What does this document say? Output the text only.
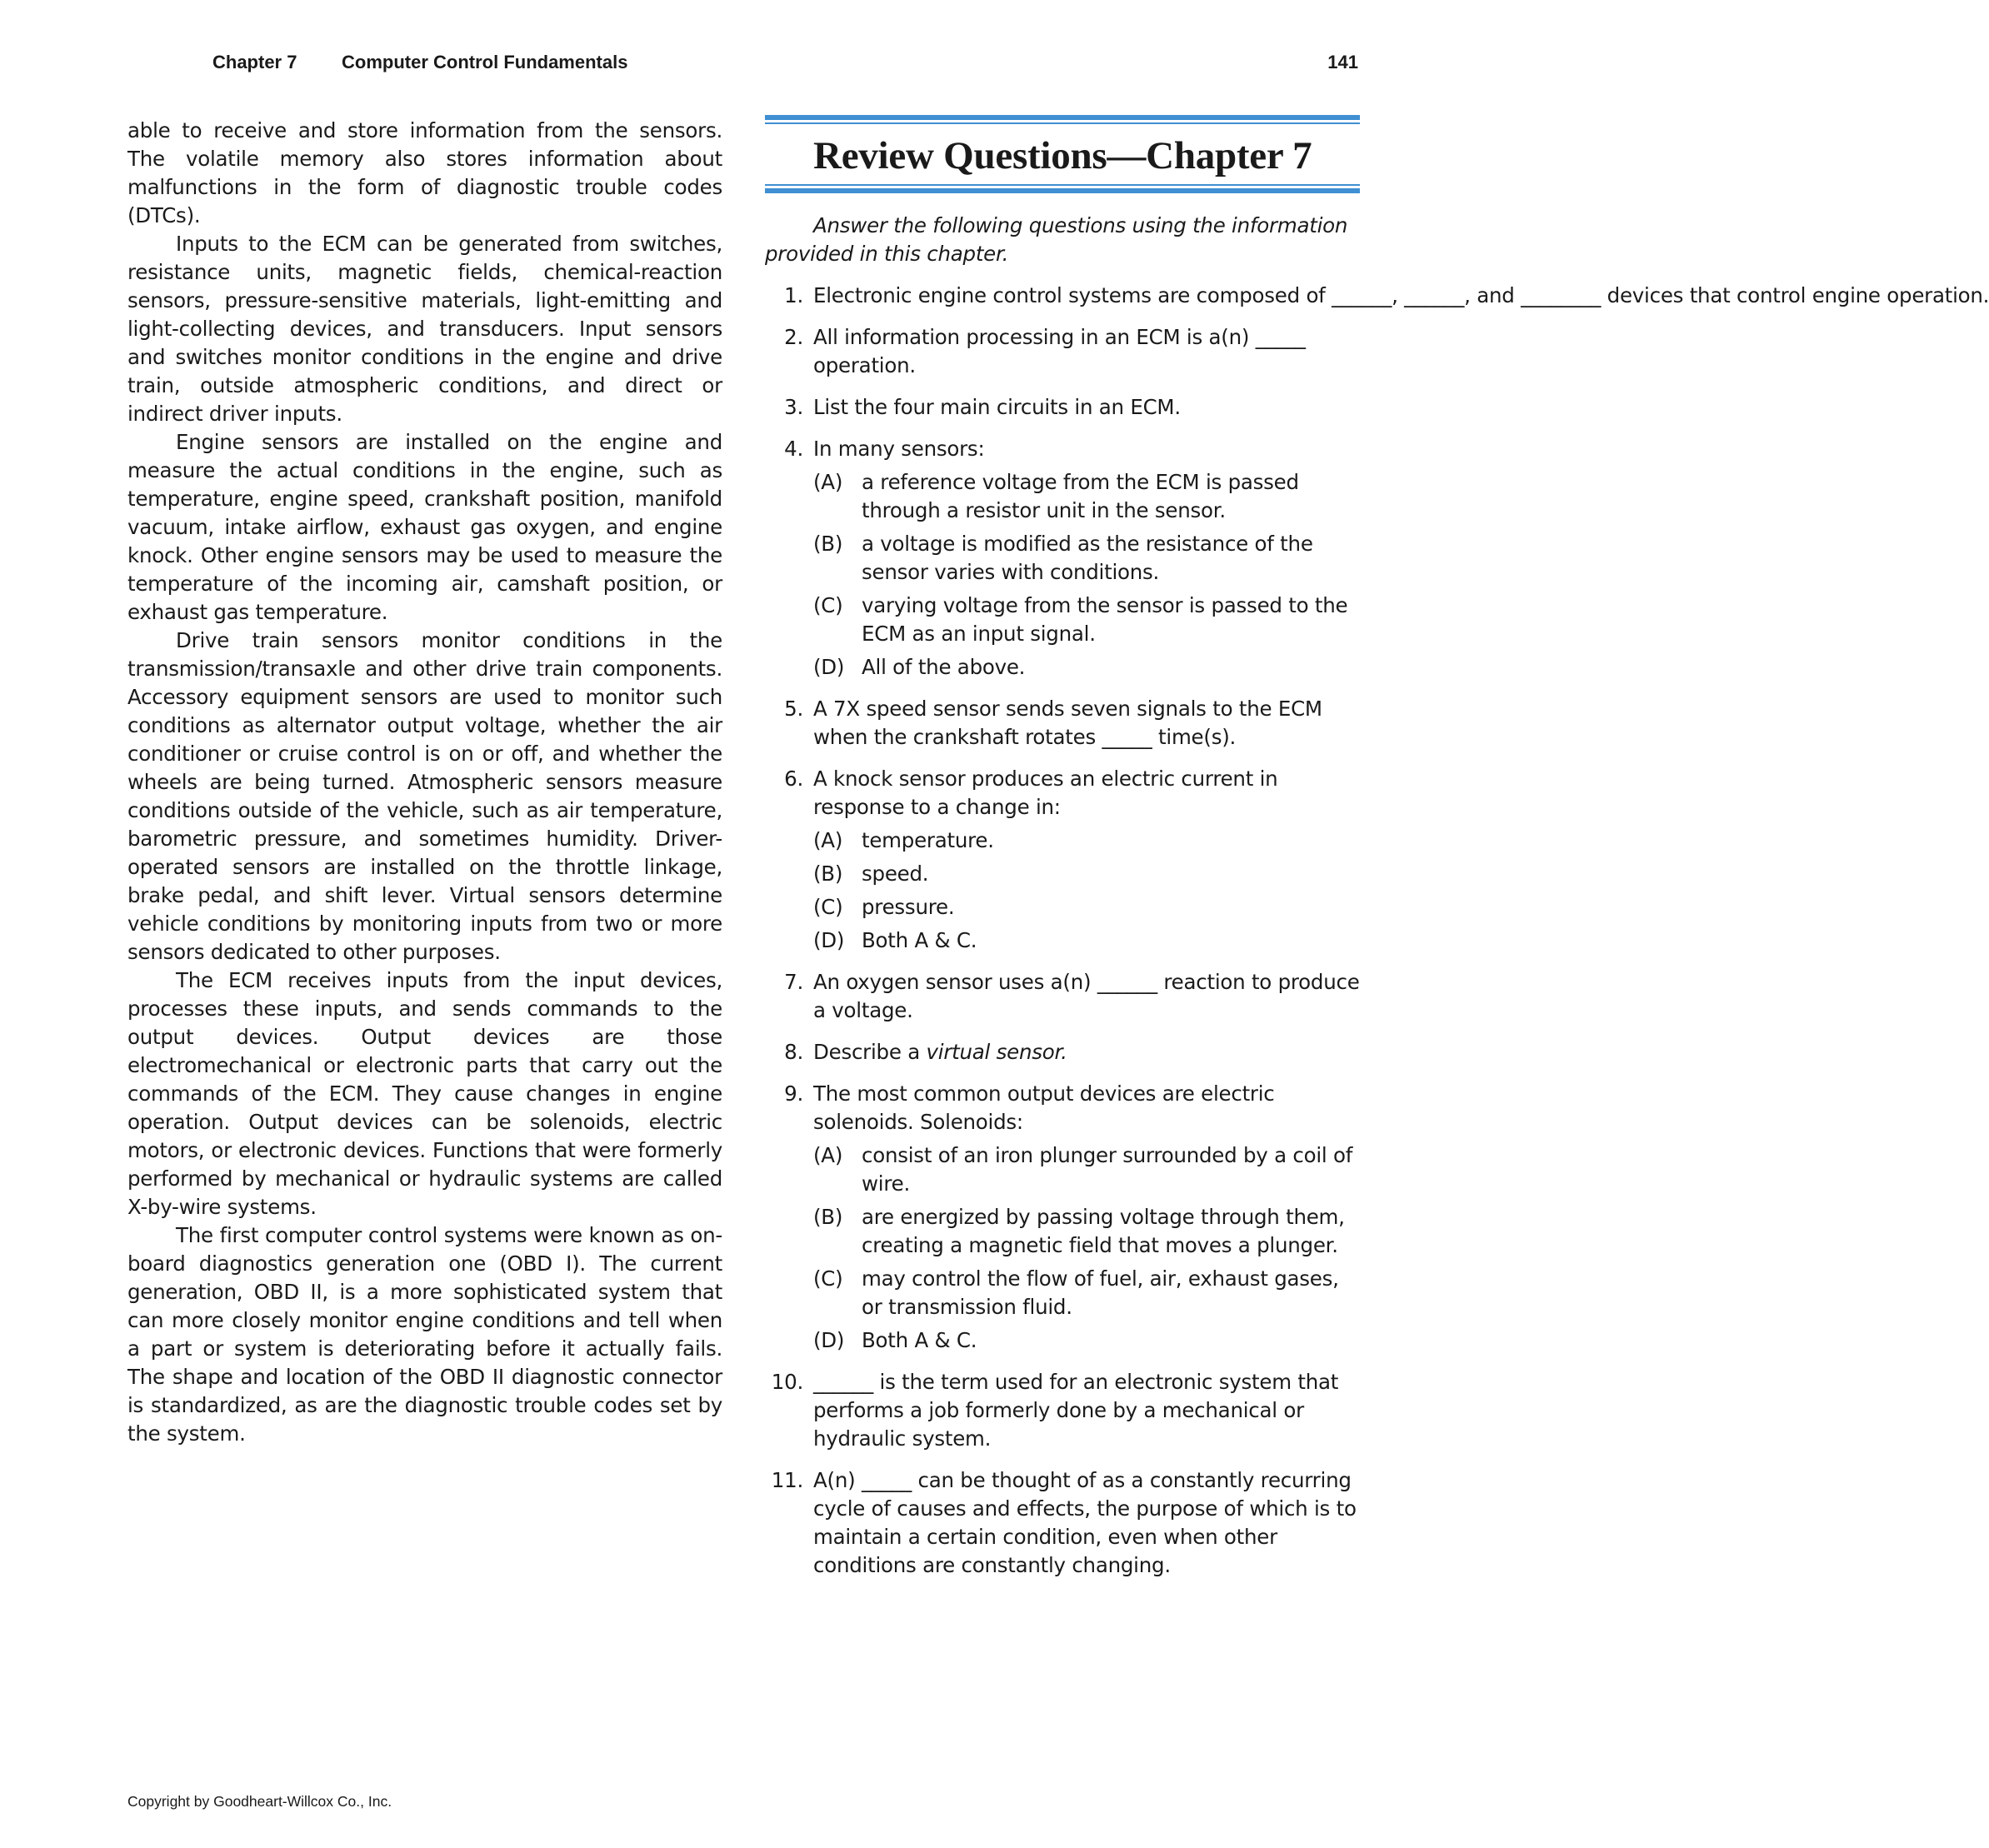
Chapter 7 Computer Control Fundamentals	141

able to receive and store information from the sensors. The volatile memory also stores information about malfunctions in the form of diagnostic trouble codes (DTCs).

Inputs to the ECM can be generated from switches, resistance units, magnetic fields, chemical-reaction sensors, pressure-sensitive materials, light-emitting and light-collecting devices, and transducers. Input sensors and switches monitor conditions in the engine and drive train, outside atmospheric conditions, and direct or indirect driver inputs.

Engine sensors are installed on the engine and measure the actual conditions in the engine, such as temperature, engine speed, crankshaft position, manifold vacuum, intake airflow, exhaust gas oxygen, and engine knock. Other engine sensors may be used to measure the temperature of the incoming air, camshaft position, or exhaust gas temperature.

Drive train sensors monitor conditions in the transmission/transaxle and other drive train components. Accessory equipment sensors are used to monitor such conditions as alternator output voltage, whether the air conditioner or cruise control is on or off, and whether the wheels are being turned. Atmospheric sensors measure conditions outside of the vehicle, such as air temperature, barometric pressure, and sometimes humidity. Driver-operated sensors are installed on the throttle linkage, brake pedal, and shift lever. Virtual sensors determine vehicle conditions by monitoring inputs from two or more sensors dedicated to other purposes.

The ECM receives inputs from the input devices, processes these inputs, and sends commands to the output devices. Output devices are those electromechanical or electronic parts that carry out the commands of the ECM. They cause changes in engine operation. Output devices can be solenoids, electric motors, or electronic devices. Functions that were formerly performed by mechanical or hydraulic systems are called X-by-wire systems.

The first computer control systems were known as on-board diagnostics generation one (OBD I). The current generation, OBD II, is a more sophisticated system that can more closely monitor engine conditions and tell when a part or system is deteriorating before it actually fails. The shape and location of the OBD II diagnostic connector is standardized, as are the diagnostic trouble codes set by the system.

Review Questions—Chapter 7
Answer the following questions using the information provided in this chapter.
1. Electronic engine control systems are composed of ______, ______, and ________ devices that control engine operation.
2. All information processing in an ECM is a(n) _____ operation.
3. List the four main circuits in an ECM.
4. In many sensors:
(A) a reference voltage from the ECM is passed through a resistor unit in the sensor.
(B) a voltage is modified as the resistance of the sensor varies with conditions.
(C) varying voltage from the sensor is passed to the ECM as an input signal.
(D) All of the above.
5. A 7X speed sensor sends seven signals to the ECM when the crankshaft rotates _____ time(s).
6. A knock sensor produces an electric current in response to a change in:
(A) temperature.
(B) speed.
(C) pressure.
(D) Both A & C.
7. An oxygen sensor uses a(n) ______ reaction to produce a voltage.
8. Describe a virtual sensor.
9. The most common output devices are electric solenoids. Solenoids:
(A) consist of an iron plunger surrounded by a coil of wire.
(B) are energized by passing voltage through them, creating a magnetic field that moves a plunger.
(C) may control the flow of fuel, air, exhaust gases, or transmission fluid.
(D) Both A & C.
10. ______ is the term used for an electronic system that performs a job formerly done by a mechanical or hydraulic system.
11. A(n) _____ can be thought of as a constantly recurring cycle of causes and effects, the purpose of which is to maintain a certain condition, even when other conditions are constantly changing.
Copyright by Goodheart-Willcox Co., Inc.
